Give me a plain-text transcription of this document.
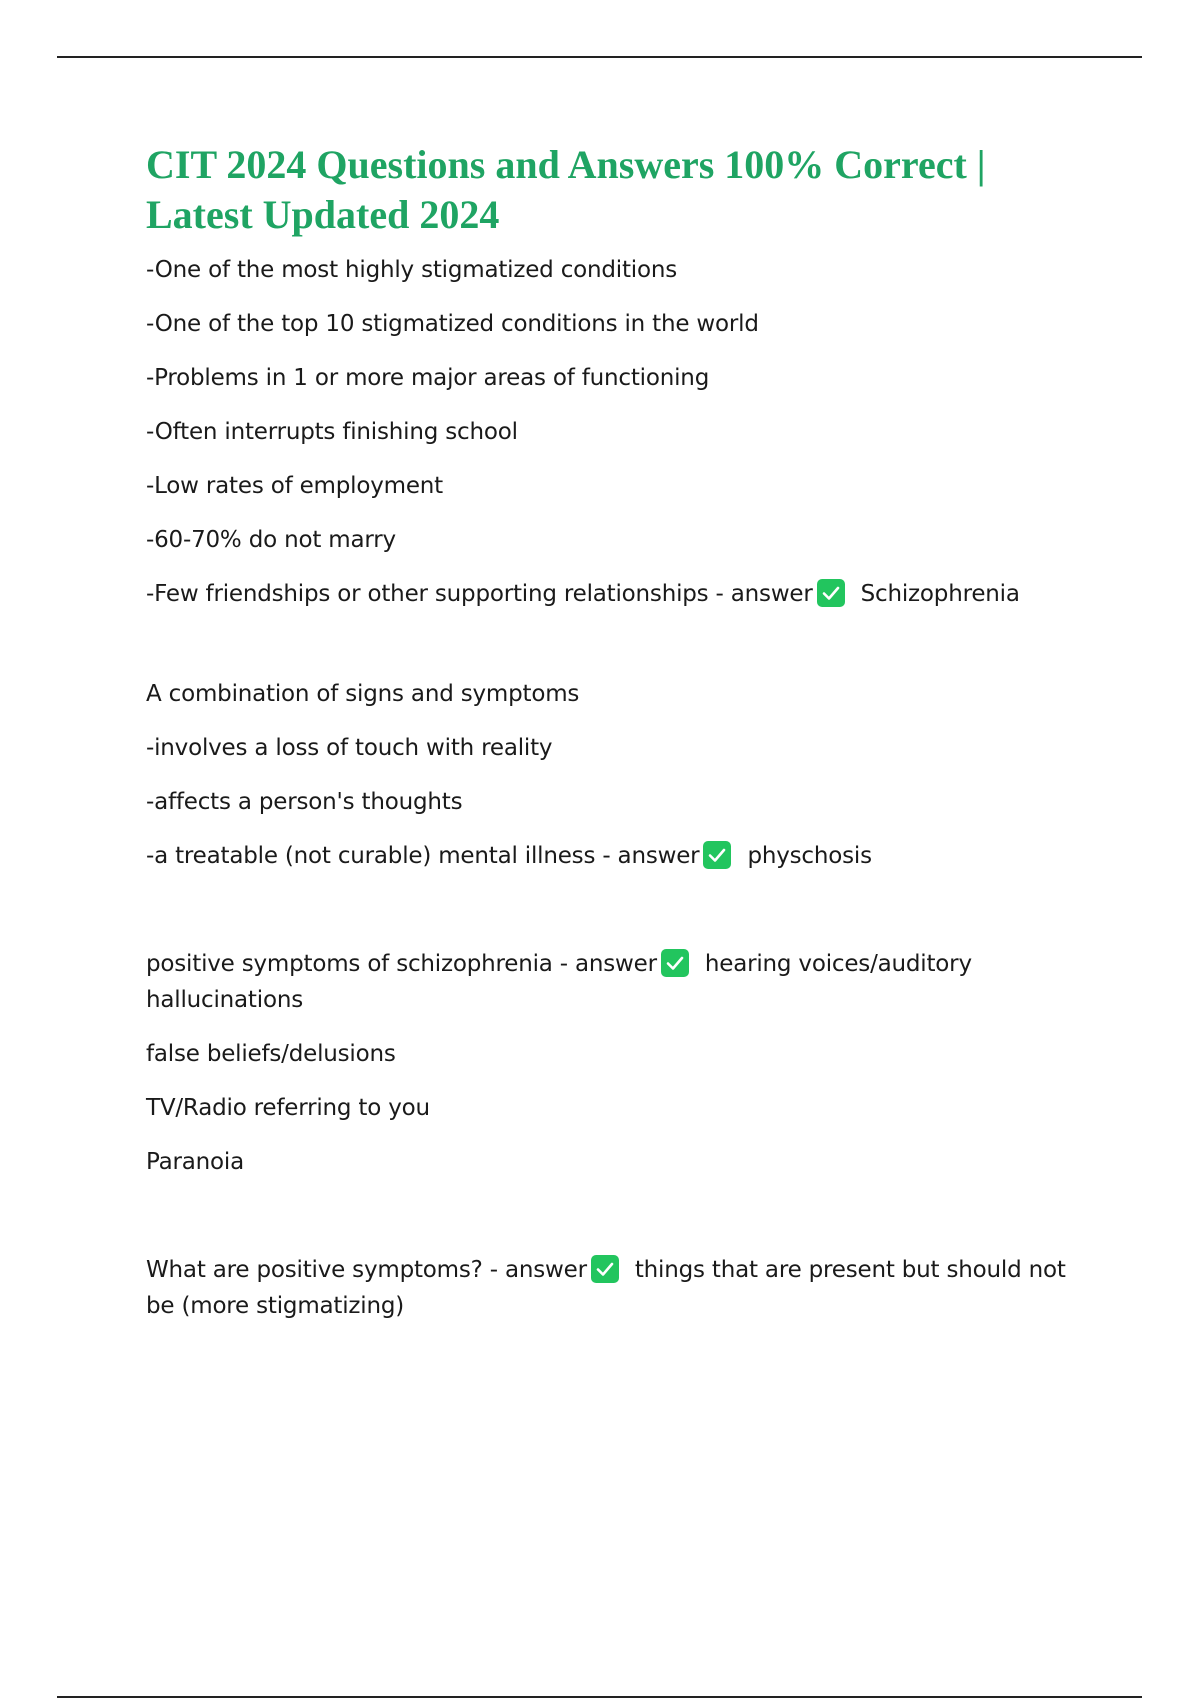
CIT 2024 Questions and Answers 100% Correct |
Latest Updated 2024

-One of the most highly stigmatized conditions

-One of the top 10 stigmatized conditions in the world

-Problems in 1 or more major areas of functioning

-Often interrupts finishing school

-Low rates of employment

-60-70% do not marry

-Few friendships or other supporting relationships - answer Schizophrenia

A combination of signs and symptoms

-involves a loss of touch with reality

-affects a person's thoughts

-a treatable (not curable) mental illness - answer physchosis

positive symptoms of schizophrenia - answer hearing voices/auditory hallucinations

false beliefs/delusions

TV/Radio referring to you

Paranoia

What are positive symptoms? - answer things that are present but should not be (more stigmatizing)
